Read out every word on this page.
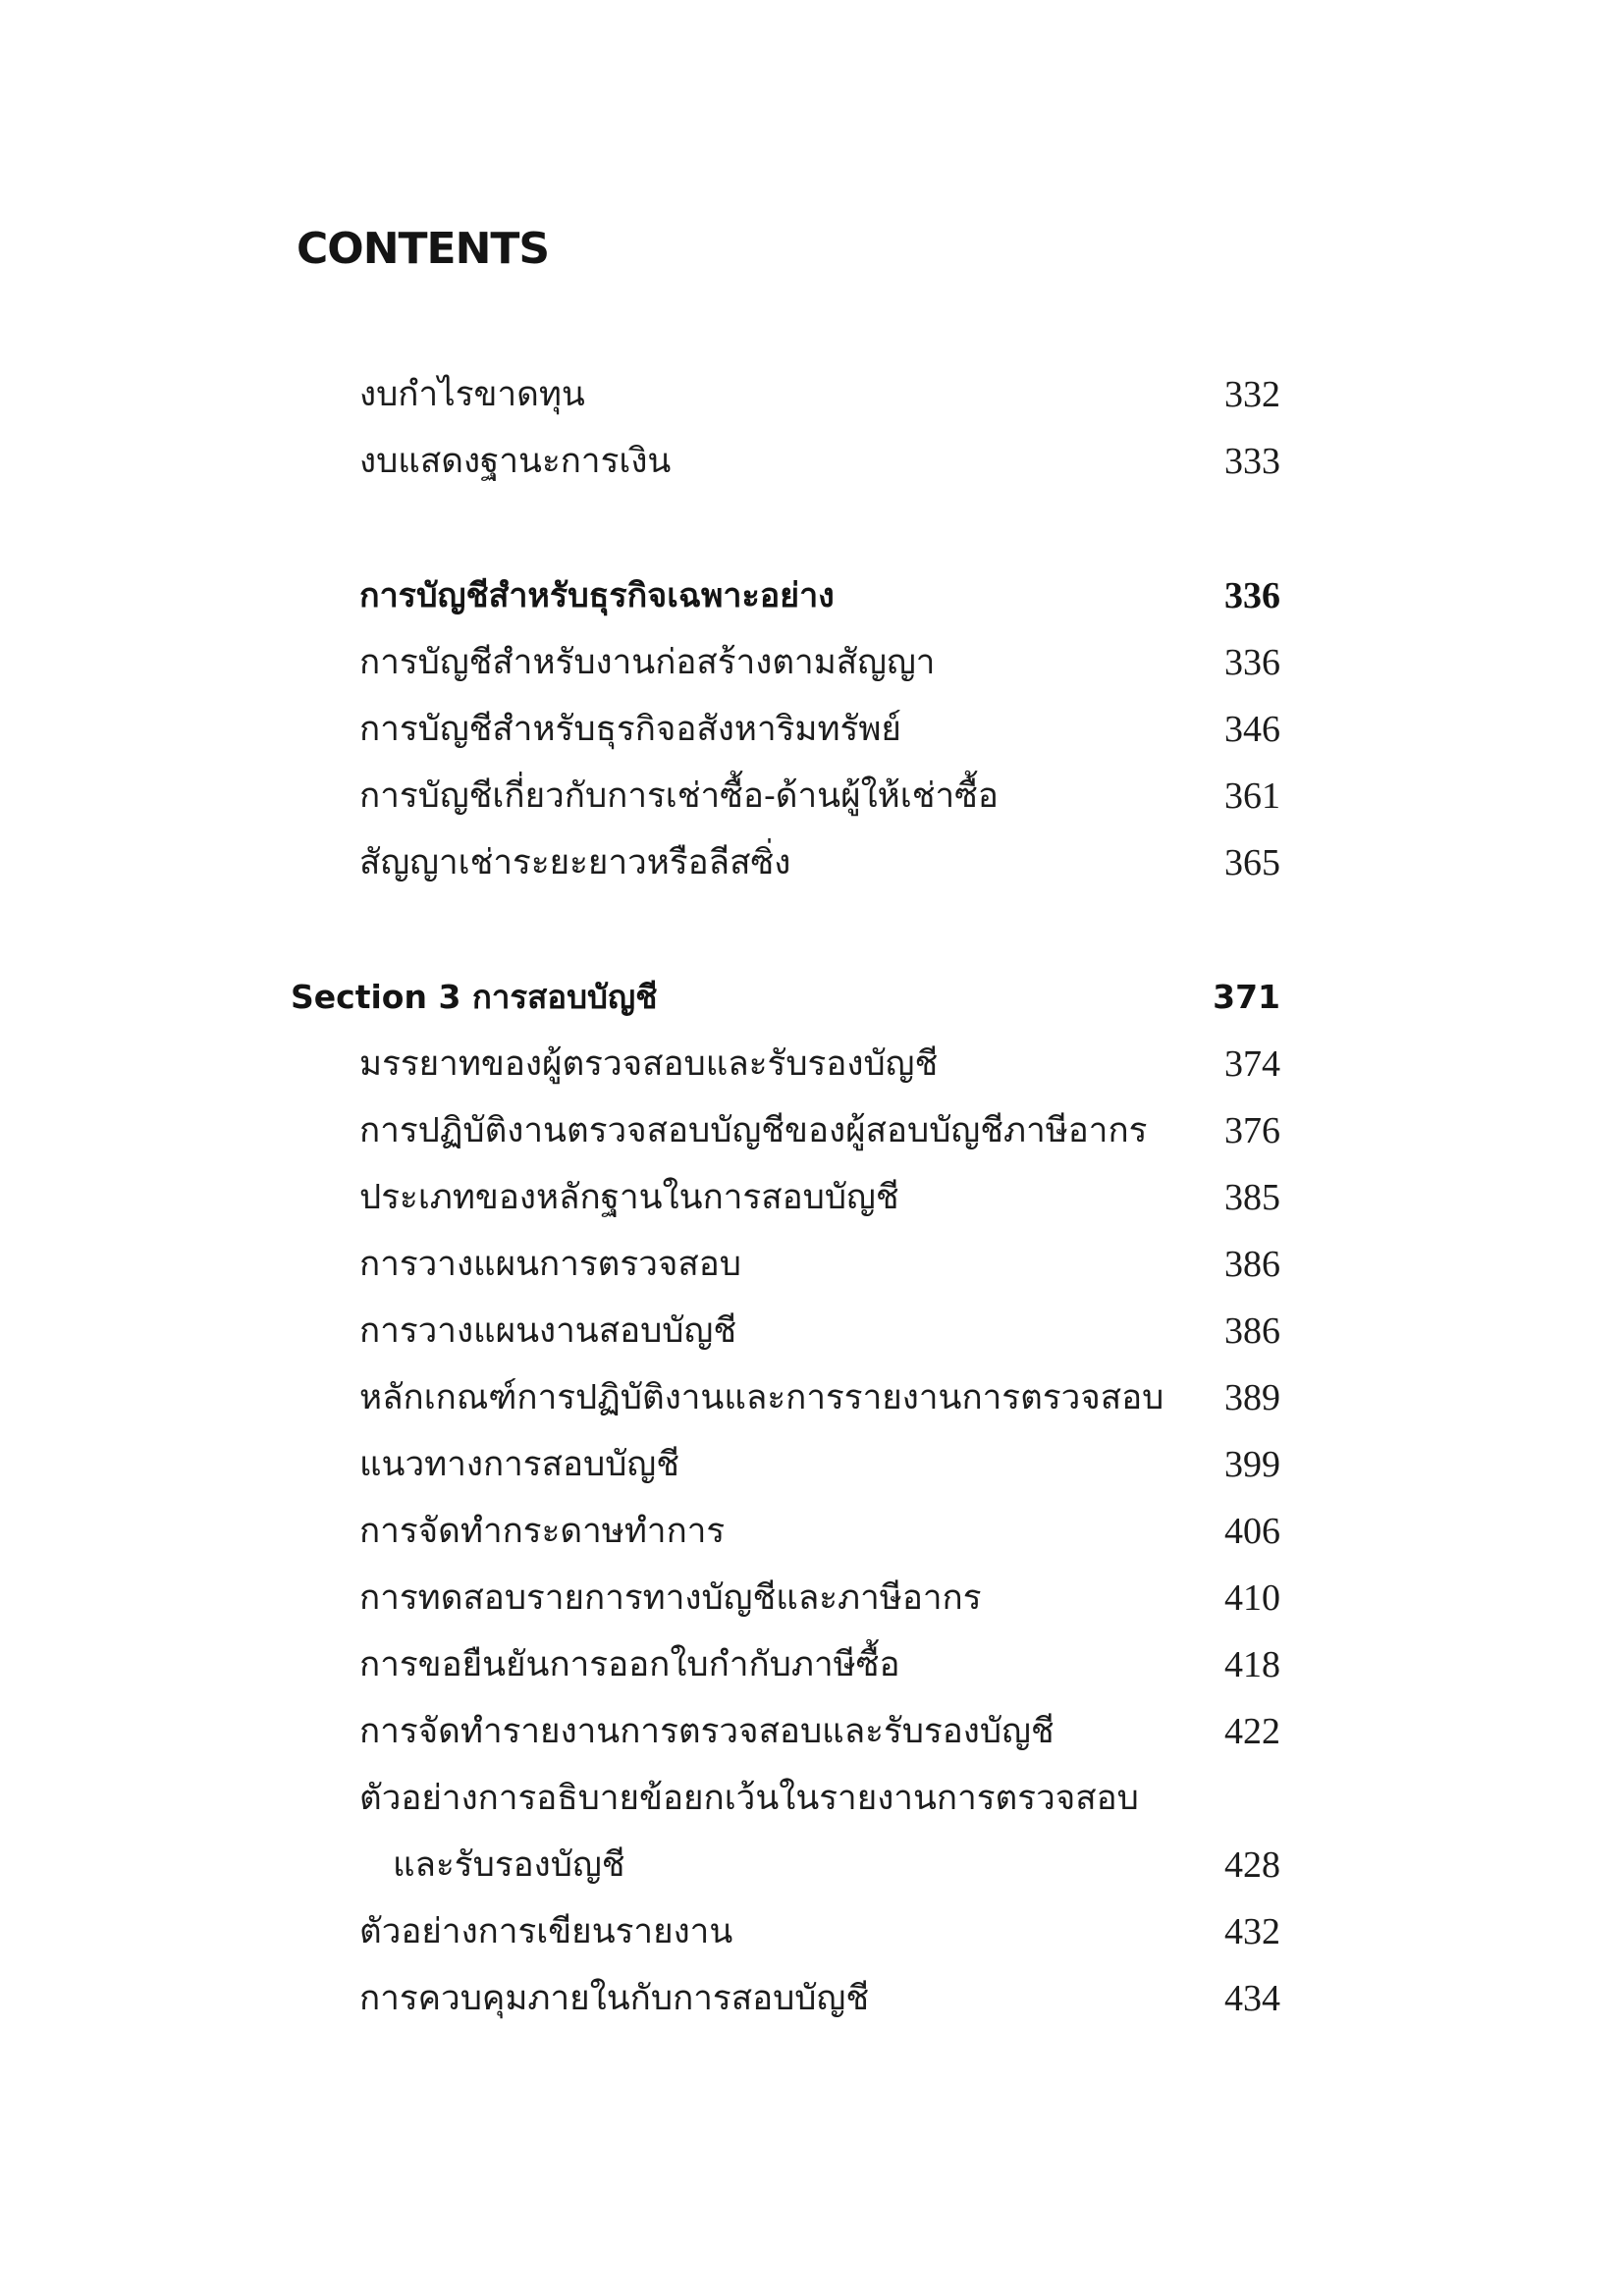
CONTENTS
งบกำไรขาดทุน	332
งบแสดงฐานะการเงิน	333
การบัญชีสำหรับธุรกิจเฉพาะอย่าง	336
การบัญชีสำหรับงานก่อสร้างตามสัญญา	336
การบัญชีสำหรับธุรกิจอสังหาริมทรัพย์	346
การบัญชีเกี่ยวกับการเช่าซื้อ-ด้านผู้ให้เช่าซื้อ	361
สัญญาเช่าระยะยาวหรือลีสซิ่ง	365
Section 3 การสอบบัญชี	371
มรรยาทของผู้ตรวจสอบและรับรองบัญชี	374
การปฏิบัติงานตรวจสอบบัญชีของผู้สอบบัญชีภาษีอากร 376
ประเภทของหลักฐานในการสอบบัญชี	385
การวางแผนการตรวจสอบ	386
การวางแผนงานสอบบัญชี	386
หลักเกณฑ์การปฏิบัติงานและการรายงานการตรวจสอบ 389
แนวทางการสอบบัญชี	399
การจัดทำกระดาษทำการ	406
การทดสอบรายการทางบัญชีและภาษีอากร	410
การขอยืนยันการออกใบกำกับภาษีซื้อ	418
การจัดทำรายงานการตรวจสอบและรับรองบัญชี	422
ตัวอย่างการอธิบายข้อยกเว้นในรายงานการตรวจสอบ
และรับรองบัญชี	428
ตัวอย่างการเขียนรายงาน	432
การควบคุมภายในกับการสอบบัญชี	434
